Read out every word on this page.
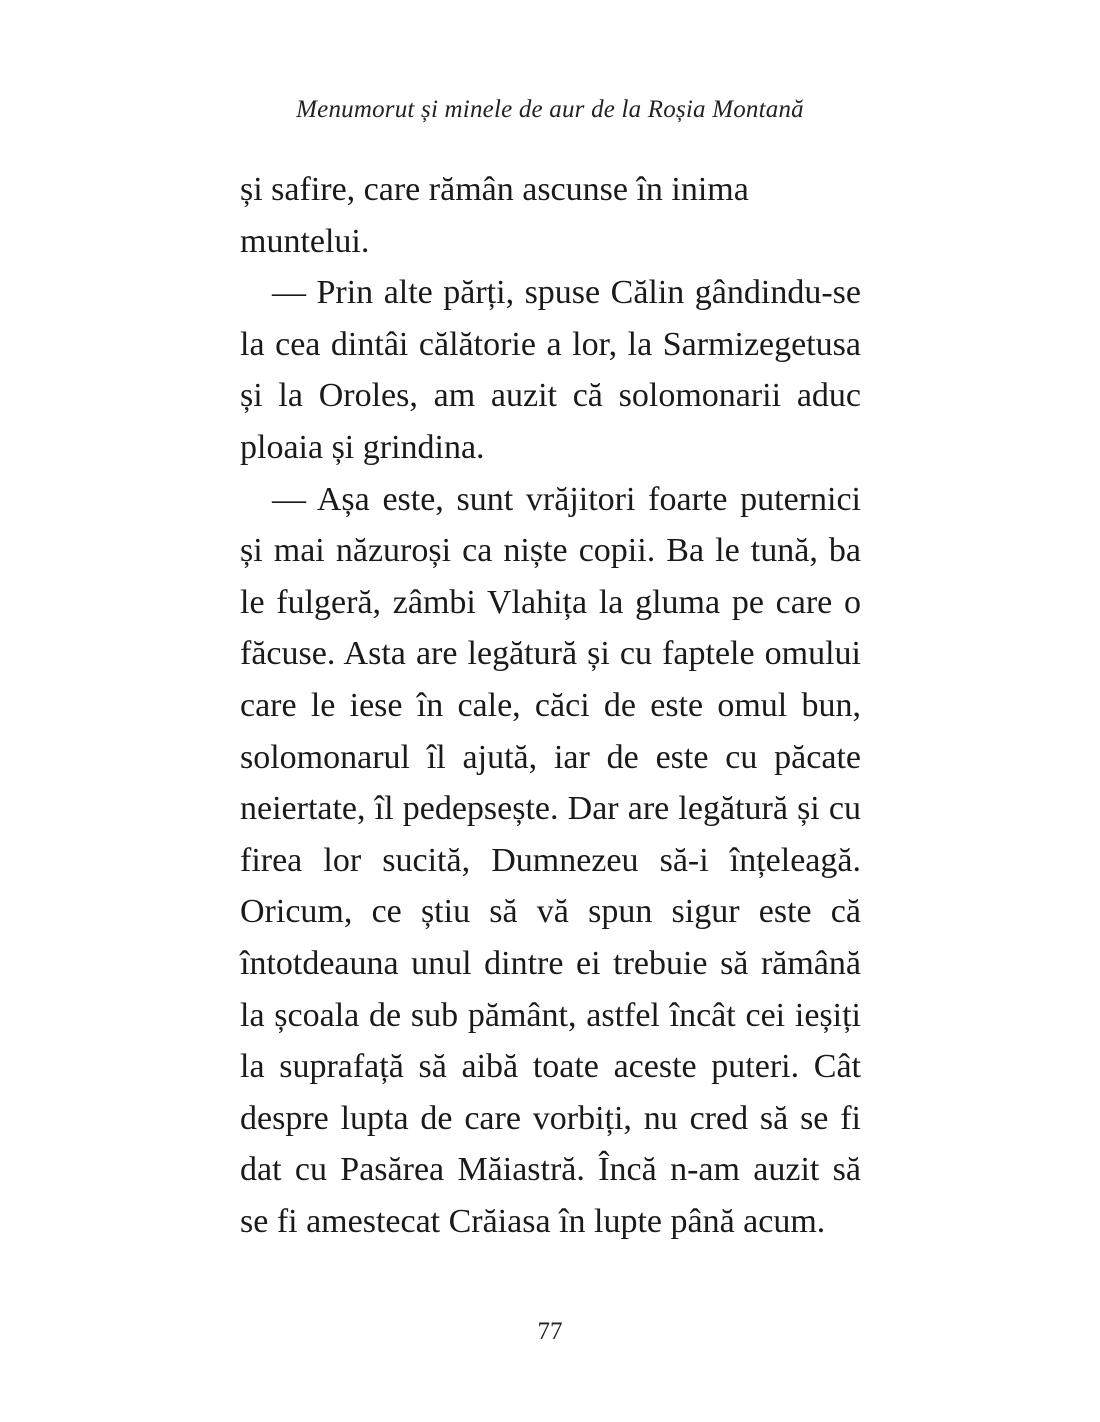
Menumorut și minele de aur de la Roșia Montană

și safire, care rămân ascunse în inima muntelui.

— Prin alte părți, spuse Călin gândindu-se la cea dintâi călătorie a lor, la Sarmizegetusa și la Oroles, am auzit că solomonarii aduc ploaia și grindina.

— Așa este, sunt vrăjitori foarte puternici și mai năzuroși ca niște copii. Ba le tună, ba le fulgeră, zâmbi Vlahița la gluma pe care o făcuse. Asta are legătură și cu faptele omului care le iese în cale, căci de este omul bun, solomonarul îl ajută, iar de este cu păcate neiertate, îl pedepsește. Dar are legătură și cu firea lor sucită, Dumnezeu să-i înțeleagă. Oricum, ce știu să vă spun sigur este că întotdeauna unul dintre ei trebuie să rămână la școala de sub pământ, astfel încât cei ieșiți la suprafață să aibă toate aceste puteri. Cât despre lupta de care vorbiți, nu cred să se fi dat cu Pasărea Măiastră. Încă n-am auzit să se fi amestecat Crăiasa în lupte până acum.

77
